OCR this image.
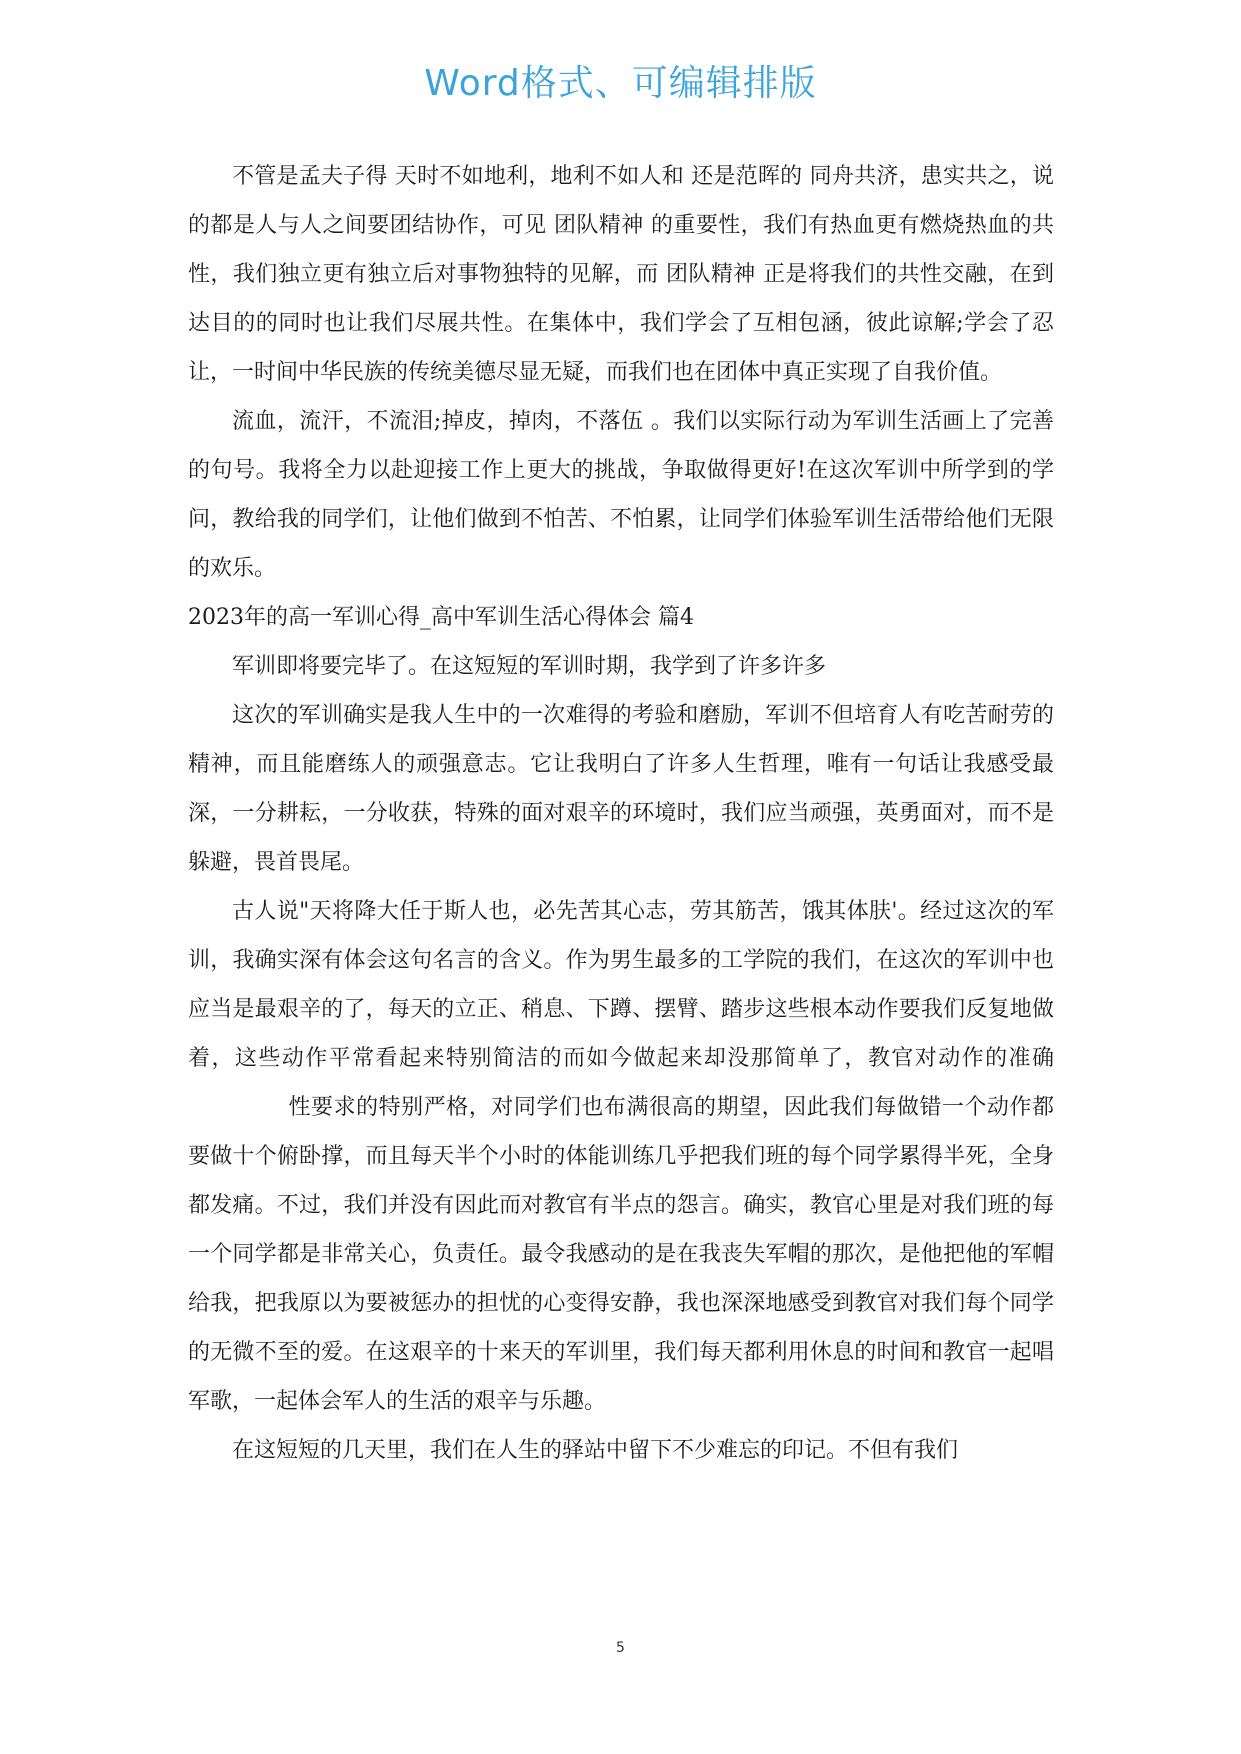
Word格式、可编辑排版

不管是孟夫子得 天时不如地利，地利不如人和 还是范晖的 同舟共济，患实共之，说的都是人与人之间要团结协作，可见 团队精神 的重要性，我们有热血更有燃烧热血的共性，我们独立更有独立后对事物独特的见解，而 团队精神 正是将我们的共性交融，在到达目的的同时也让我们尽展共性。在集体中，我们学会了互相包涵，彼此谅解;学会了忍让，一时间中华民族的传统美德尽显无疑，而我们也在团体中真正实现了自我价值。

流血，流汗，不流泪;掉皮，掉肉，不落伍 。我们以实际行动为军训生活画上了完善的句号。我将全力以赴迎接工作上更大的挑战，争取做得更好!在这次军训中所学到的学问，教给我的同学们，让他们做到不怕苦、不怕累，让同学们体验军训生活带给他们无限的欢乐。

2023年的高一军训心得_高中军训生活心得体会 篇4

军训即将要完毕了。在这短短的军训时期，我学到了许多许多

这次的军训确实是我人生中的一次难得的考验和磨励，军训不但培育人有吃苦耐劳的精神，而且能磨练人的顽强意志。它让我明白了许多人生哲理，唯有一句话让我感受最深，一分耕耘，一分收获，特殊的面对艰辛的环境时，我们应当顽强，英勇面对，而不是躲避，畏首畏尾。

古人说"天将降大任于斯人也，必先苦其心志，劳其筋苦，饿其体肤'。经过这次的军训，我确实深有体会这句名言的含义。作为男生最多的工学院的我们，在这次的军训中也应当是最艰辛的了，每天的立正、稍息、下蹲、摆臂、踏步这些根本动作要我们反复地做着，这些动作平常看起来特别简洁的而如今做起来却没那简单了，教官对动作的准确性要求的特别严格，对同学们也布满很高的期望，因此我们每做错一个动作都要做十个俯卧撑，而且每天半个小时的体能训练几乎把我们班的每个同学累得半死，全身都发痛。不过，我们并没有因此而对教官有半点的怨言。确实，教官心里是对我们班的每一个同学都是非常关心，负责任。最令我感动的是在我丧失军帽的那次，是他把他的军帽给我，把我原以为要被惩办的担忧的心变得安静，我也深深地感受到教官对我们每个同学的无微不至的爱。在这艰辛的十来天的军训里，我们每天都利用休息的时间和教官一起唱军歌，一起体会军人的生活的艰辛与乐趣。

在这短短的几天里，我们在人生的驿站中留下不少难忘的印记。不但有我们

5
